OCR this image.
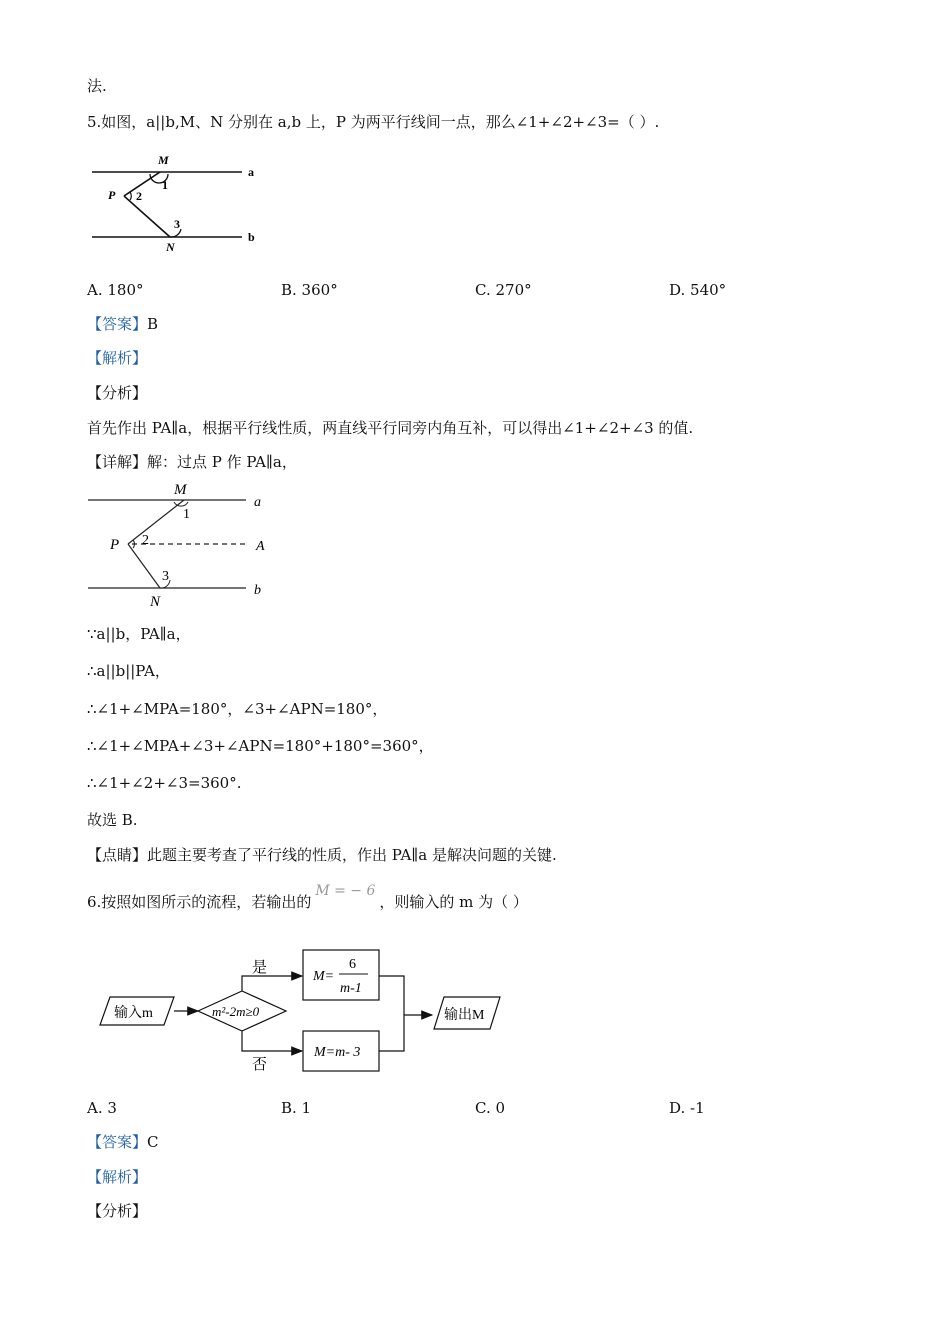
法.
5.如图，a||b,M、N 分别在 a,b 上，P 为两平行线间一点，那么∠1+∠2+∠3=（ ）.
M
1
P 2
3
N
a
b
A. 180°	B. 360°	C. 270°	D. 540°
【答案】B
【解析】
【分析】
首先作出 PA∥a，根据平行线性质，两直线平行同旁内角互补，可以得出∠1+∠2+∠3 的值.
【详解】解：过点 P 作 PA∥a，
M
1
P 2	A
3
N
a
b
∵a||b，PA∥a，
∴a||b||PA，
∴∠1+∠MPA=180°，∠3+∠APN=180°，
∴∠1+∠MPA+∠3+∠APN=180°+180°=360°，
∴∠1+∠2+∠3=360°.
故选 B.
【点睛】此题主要考查了平行线的性质，作出 PA∥a 是解决问题的关键.
6.按照如图所示的流程，若输出的M = − 6，则输入的 m 为（ ）
输入m	m²-2m≥0
是
M=
6
m-1
否
M=m- 3
输出M
A. 3	B. 1	C. 0	D. -1
【答案】C
【解析】
【分析】
